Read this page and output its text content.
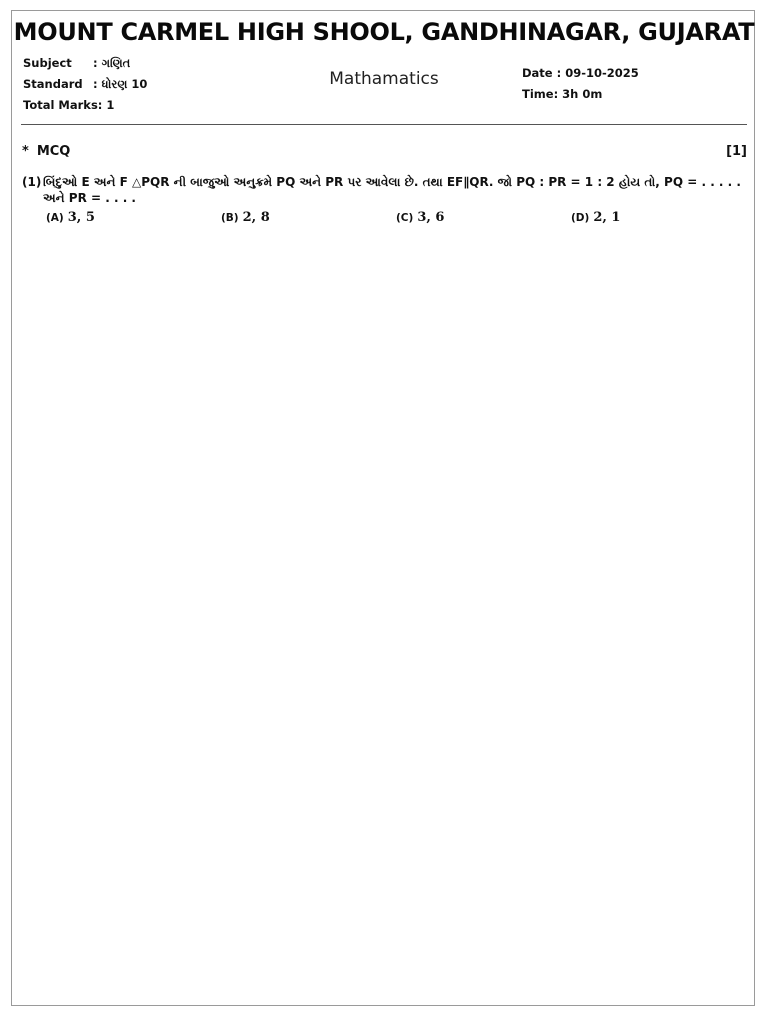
MOUNT CARMEL HIGH SHOOL, GANDHINAGAR, GUJARAT
Subject : ગણિત
Standard : ધોરણ 10
Total Marks: 1
Mathamatics	Date : 09-10-2025
Time: 3h 0m
* MCQ	[1]
(1) બિંદુઓ E અને F △PQR ની બાજુઓ અનુક્રમે PQ અને PR પર આવેલા છે. તથા EF∥QR. જો PQ : PR = 1 : 2 હોય તો, PQ = . . . . . અને PR = . . . .
(A) 3, 5	(B) 2, 8	(C) 3, 6	(D) 2, 1
